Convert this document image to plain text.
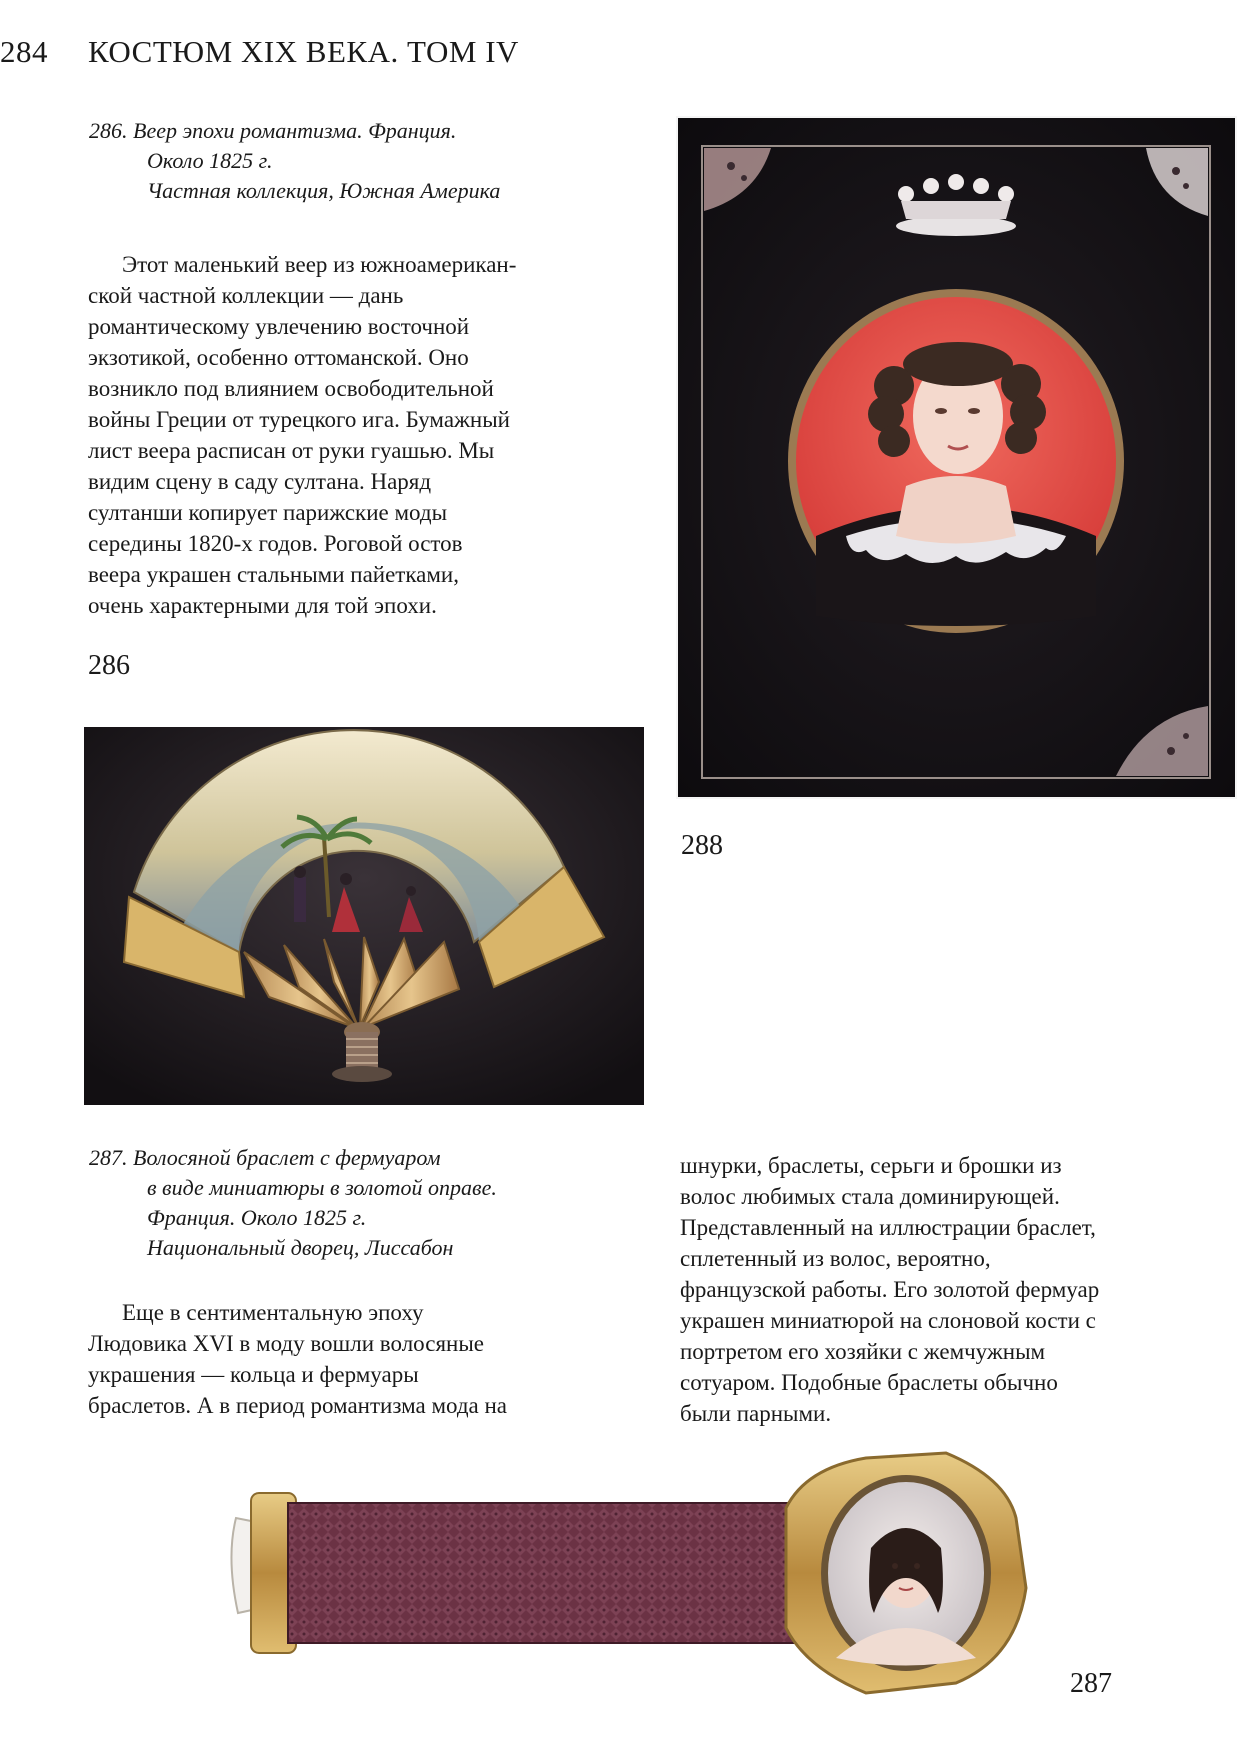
284 КОСТЮМ XIX ВЕКА. ТОМ IV
286. Веер эпохи романтизма. Франция.
Около 1825 г.
Частная коллекция, Южная Америка
Этот маленький веер из южноамерикан-
ской частной коллекции — дань
романтическому увлечению восточной
экзотикой, особенно оттоманской. Оно
возникло под влиянием освободительной
войны Греции от турецкого ига. Бумажный
лист веера расписан от руки гуашью. Мы
видим сцену в саду султана. Наряд
султанши копирует парижские моды
середины 1820-х годов. Роговой остов
веера украшен стальными пайетками,
очень характерными для той эпохи.
286
288
287. Волосяной браслет с фермуаром
в виде миниатюры в золотой оправе.
Франция. Около 1825 г.
Национальный дворец, Лиссабон
Еще в сентиментальную эпоху
Людовика XVI в моду вошли волосяные
украшения — кольца и фермуары
браслетов. А в период романтизма мода на
шнурки, браслеты, серьги и брошки из
волос любимых стала доминирующей.
Представленный на иллюстрации браслет,
сплетенный из волос, вероятно,
французской работы. Его золотой фермуар
украшен миниатюрой на слоновой кости с
портретом его хозяйки с жемчужным
сотуаром. Подобные браслеты обычно
были парными.
287
